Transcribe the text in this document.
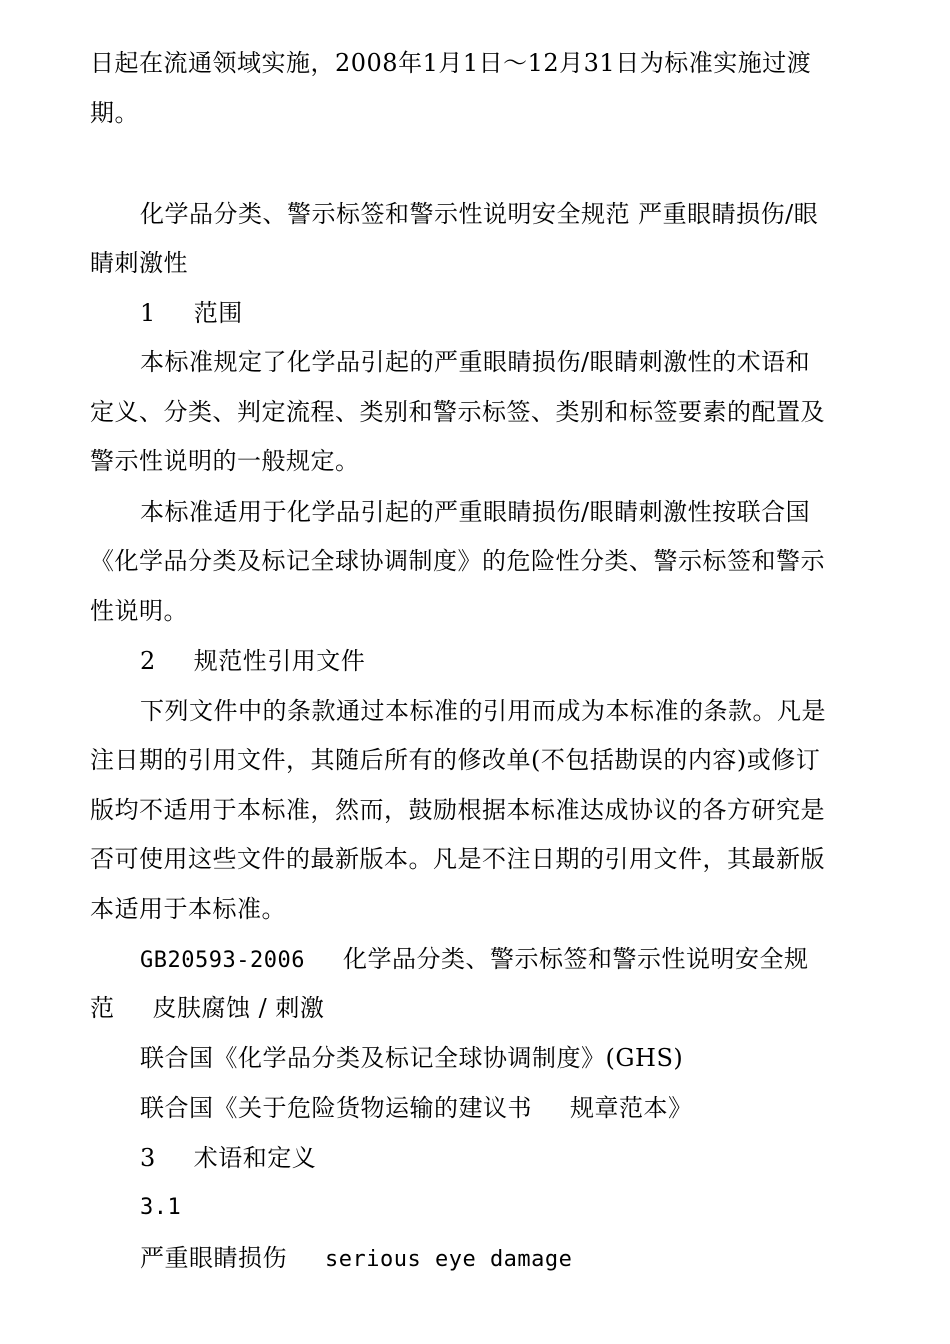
日起在流通领域实施，2008年1月1日～12月31日为标准实施过渡
期。
化学品分类、警示标签和警示性说明安全规范 严重眼睛损伤/眼
睛刺激性
1 范围
本标准规定了化学品引起的严重眼睛损伤/眼睛刺激性的术语和
定义、分类、判定流程、类别和警示标签、类别和标签要素的配置及
警示性说明的一般规定。
本标准适用于化学品引起的严重眼睛损伤/眼睛刺激性按联合国
《化学品分类及标记全球协调制度》的危险性分类、警示标签和警示
性说明。
2 规范性引用文件
下列文件中的条款通过本标准的引用而成为本标准的条款。凡是
注日期的引用文件，其随后所有的修改单(不包括勘误的内容)或修订
版均不适用于本标准，然而，鼓励根据本标准达成协议的各方研究是
否可使用这些文件的最新版本。凡是不注日期的引用文件，其最新版
本适用于本标准。
GB20593-2006 化学品分类、警示标签和警示性说明安全规
范 皮肤腐蚀 / 刺激
联合国《化学品分类及标记全球协调制度》(GHS)
联合国《关于危险货物运输的建议书 规章范本》
3 术语和定义
3.1
严重眼睛损伤 serious eye damage
